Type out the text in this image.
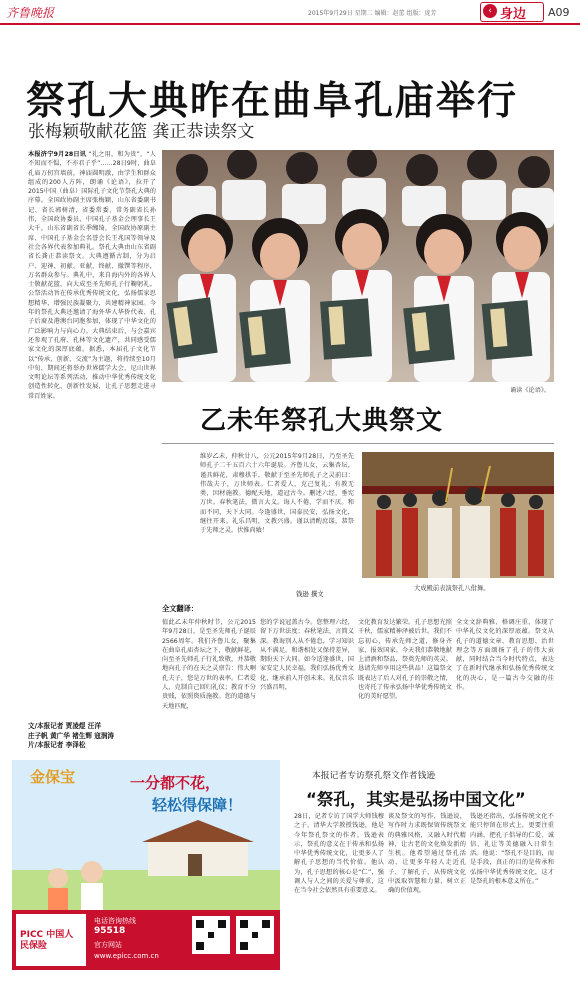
齐鲁晚报	2015年9月29日 星期二 编辑：赵蕾 组版：庞芳	‹ 身边 A09
祭孔大典昨在曲阜孔庙举行
张梅颖敬献花篮 龚正恭读祭文
本报济宁9月28日讯 “礼之用，和为贵”，“人不知而不愠，不亦君子乎”……28日9时，曲阜孔庙万仞宫墙前，神庙圆明澈，由学生和群众组成的200人方阵，朗诵《论语》，拉开了2015中国（曲阜）国际孔子文化节祭孔大典的序幕。全国政协副主席张梅颖，山东省委副书记、省长郭树清，省委常委、常务副省长孙伟，全国政协委员、中国孔子基金会理事长王大千，山东省副省长季缃绮，全国政协原副主席、中国孔子基金会名誉会长王兆国等领导及社会各界代表参加典礼。祭孔大典由山东省副省长龚正恭读祭文。大典遵循古制，分为启户、迎神、初献、亚献、终献、撤馔等程序，万名群众参与。典礼中，来自海内外的各界人士敬献花篮，向大成至圣先师孔子行鞠躬礼。公祭活动旨在传承优秀传统文化，弘扬儒家思想精华，增强民族凝聚力，共建精神家园。今年的祭孔大典还邀请了海外华人华侨代表、孔子后裔及港澳台同胞参加，体现了中华文化的广泛影响力与向心力。大典结束后，与会嘉宾还参观了孔府、孔林等文化遗产，共同感受儒家文化的深厚底蕴。据悉，本届孔子文化节以“传承、创新、交流”为主题，将持续至10月中旬，期间还将举办世界儒学大会、尼山世界文明论坛等系列活动，推动中华优秀传统文化创造性转化、创新性发展，让孔子思想走进寻常百姓家。
文/本报记者 贾凌煜 汪洋
庄子帆 黄广华 褚生辉 寇润涛
片/本报记者 李泽松
诵读《论语》。
乙未年祭孔大典祭文
维岁乙未，仲秋廿八，公元2015年9月28日，乃至圣先师孔子二千五百六十六年诞辰。齐鲁儿女，云集杏坛，谨具鲜花，肃穆拱手，敬献于至圣先师孔子之灵前曰：伟哉夫子，万世师表。仁者爱人，克己复礼；有教无类，因材施教。德配天地，道冠古今。删述六经，垂宪万世。春秋笔法，微言大义。诲人不倦，学而不厌。和而不同，天下大同。今逢盛世，国泰民安，弘扬文化，继往开来。礼乐昌明，文教兴盛。谨以清酌庶馐，恭祭于先师之灵。伏惟尚飨！
钱逊 撰文
大成殿前表演祭孔八佾舞。
全文翻译：
值此乙未年仲秋时节，公元2015年9月28日，是至圣先师孔子诞辰2566周年。我们齐鲁儿女，聚集在曲阜孔庙杏坛之下，敬献鲜花，向至圣先师孔子行礼致敬，并恭敬地向孔子的在天之灵禀告：伟大啊孔夫子，您是万世的表率。仁者爱人，克制自己回归礼仪；教育不分贵贱，依照资质施教。您的道德与天地匹配，
您的学说冠盖古今。您整理六经，留下万世法度；春秋笔法，言简义深。教诲别人从不倦怠，学习知识从不满足。和谐相处又保持差异，期盼天下大同。如今适逢盛世，国家安定人民幸福，我们弘扬优秀文化，继承前人开创未来。礼仪音乐兴盛昌明，
文化教育发达繁荣。孔子思想光照千秋，儒家精神泽被后世。我们不忘初心，传承先师之道，修身齐家，报效国家。今天我们恭敬地献上清酒和祭品，祭奠先师的英灵。恳请先师享用这些供品！这篇祭文既表达了后人对孔子的崇敬之情，也寄托了传承弘扬中华优秀传统文化的美好愿望。
全文文辞典雅、格调庄重，体现了中华礼仪文化的深厚底蕴。祭文从孔子的道德文章、教育思想、治世理念等方面颂扬了孔子的伟大贡献，同时结合当今时代特点，表达了在新时代继承和弘扬优秀传统文化的决心，是一篇古今交融的佳作。
金保宝	一分都不花，
轻松得保障！
PICC 中国人民保险
电话咨询热线
95518
官方网站
www.epicc.com.cn
本报记者专访祭孔祭文作者钱逊
“祭孔，其实是弘扬中国文化”
28日，记者专访了国学大师钱穆之子、清华大学教授钱逊，他是今年祭孔祭文的作者。钱逊表示，祭孔的意义在于传承和弘扬中华优秀传统文化，让更多人了解孔子思想的当代价值。他认为，孔子思想的核心是“仁”，强调人与人之间的关爱与尊重，这在当今社会依然具有重要意义。
谈及祭文的写作，钱逊说，写作时力求既保留传统祭文的典雅风格，又融入时代精神，让古老的文化焕发新的生机。他希望通过祭孔活动，让更多年轻人走近孔子、了解孔子，从传统文化中汲取智慧和力量，树立正确的价值观。
钱逊还指出，弘扬传统文化不能只停留在形式上，更要注重内涵，把孔子倡导的仁爱、诚信、礼让等美德融入日常生活。他说：“祭孔不是目的，而是手段，真正的目的是传承和弘扬中华优秀传统文化，这才是祭孔的根本意义所在。”
